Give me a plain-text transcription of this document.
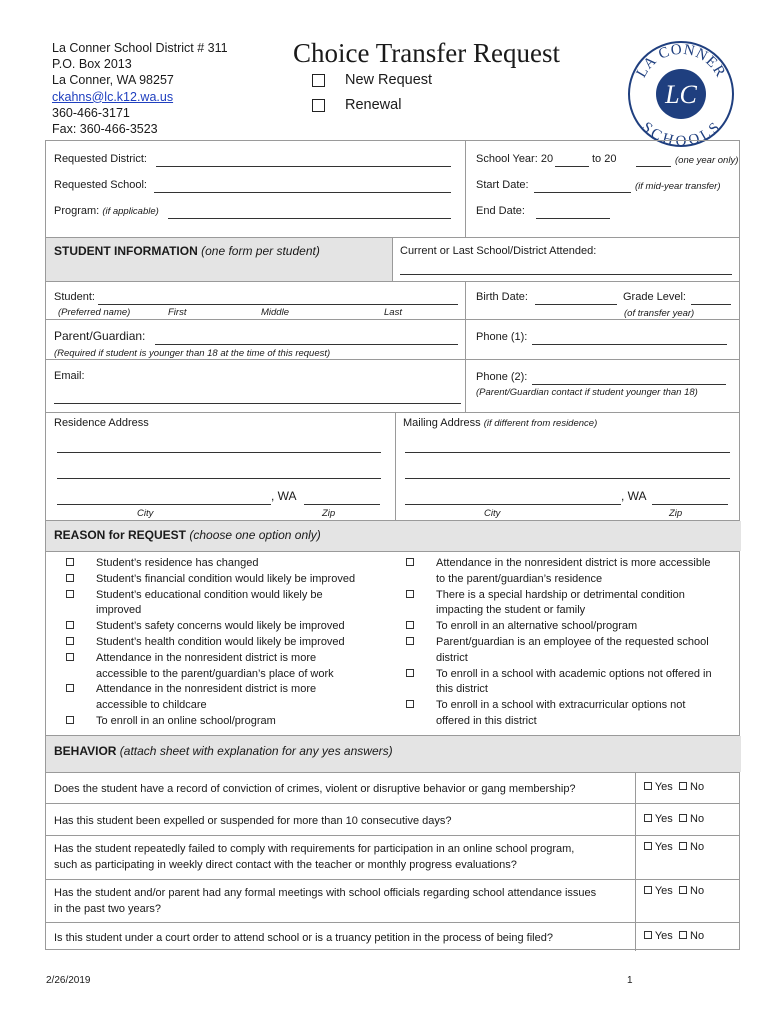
La Conner School District # 311
P.O. Box 2013
La Conner, WA 98257
ckahns@lc.k12.wa.us
360-466-3171
Fax: 360-466-3523
Choice Transfer Request
New Request
Renewal	LC
LA CONNER
SCHOOLS
Requested District:	School Year: 20	to 20	(one year only)
Requested School:	Start Date:	(if mid-year transfer)
Program: (if applicable)	End Date:
STUDENT INFORMATION (one form per student)	Current or Last School/District Attended:
Student:
(Preferred name)	First	Middle	Last
Birth Date:	Grade Level:
(of transfer year)
Parent/Guardian:
(Required if student is younger than 18 at the time of this request)
Phone (1):
Email:	Phone (2):
(Parent/Guardian contact if student younger than 18)
Residence Address	Mailing Address (if different from residence)
, WA
City	Zip
, WA
City	Zip
REASON for REQUEST (choose one option only)
Student’s residence has changed
Student’s financial condition would likely be improved
Student’s educational condition would likely be
improved
Student’s safety concerns would likely be improved
Student’s health condition would likely be improved
Attendance in the nonresident district is more
accessible to the parent/guardian’s place of work
Attendance in the nonresident district is more
accessible to childcare
To enroll in an online school/program
Attendance in the nonresident district is more accessible
to the parent/guardian’s residence
There is a special hardship or detrimental condition
impacting the student or family
To enroll in an alternative school/program
Parent/guardian is an employee of the requested school
district
To enroll in a school with academic options not offered in
this district
To enroll in a school with extracurricular options not
offered in this district
BEHAVIOR (attach sheet with explanation for any yes answers)
Does the student have a record of conviction of crimes, violent or disruptive behavior or gang membership?	Yes No
Has this student been expelled or suspended for more than 10 consecutive days?	Yes No
Has the student repeatedly failed to comply with requirements for participation in an online school program,
such as participating in weekly direct contact with the teacher or monthly progress evaluations?
Yes No
Has the student and/or parent had any formal meetings with school officials regarding school attendance issues
in the past two years?
Yes No
Is this student under a court order to attend school or is a truancy petition in the process of being filed?	Yes No
2/26/2019	1
